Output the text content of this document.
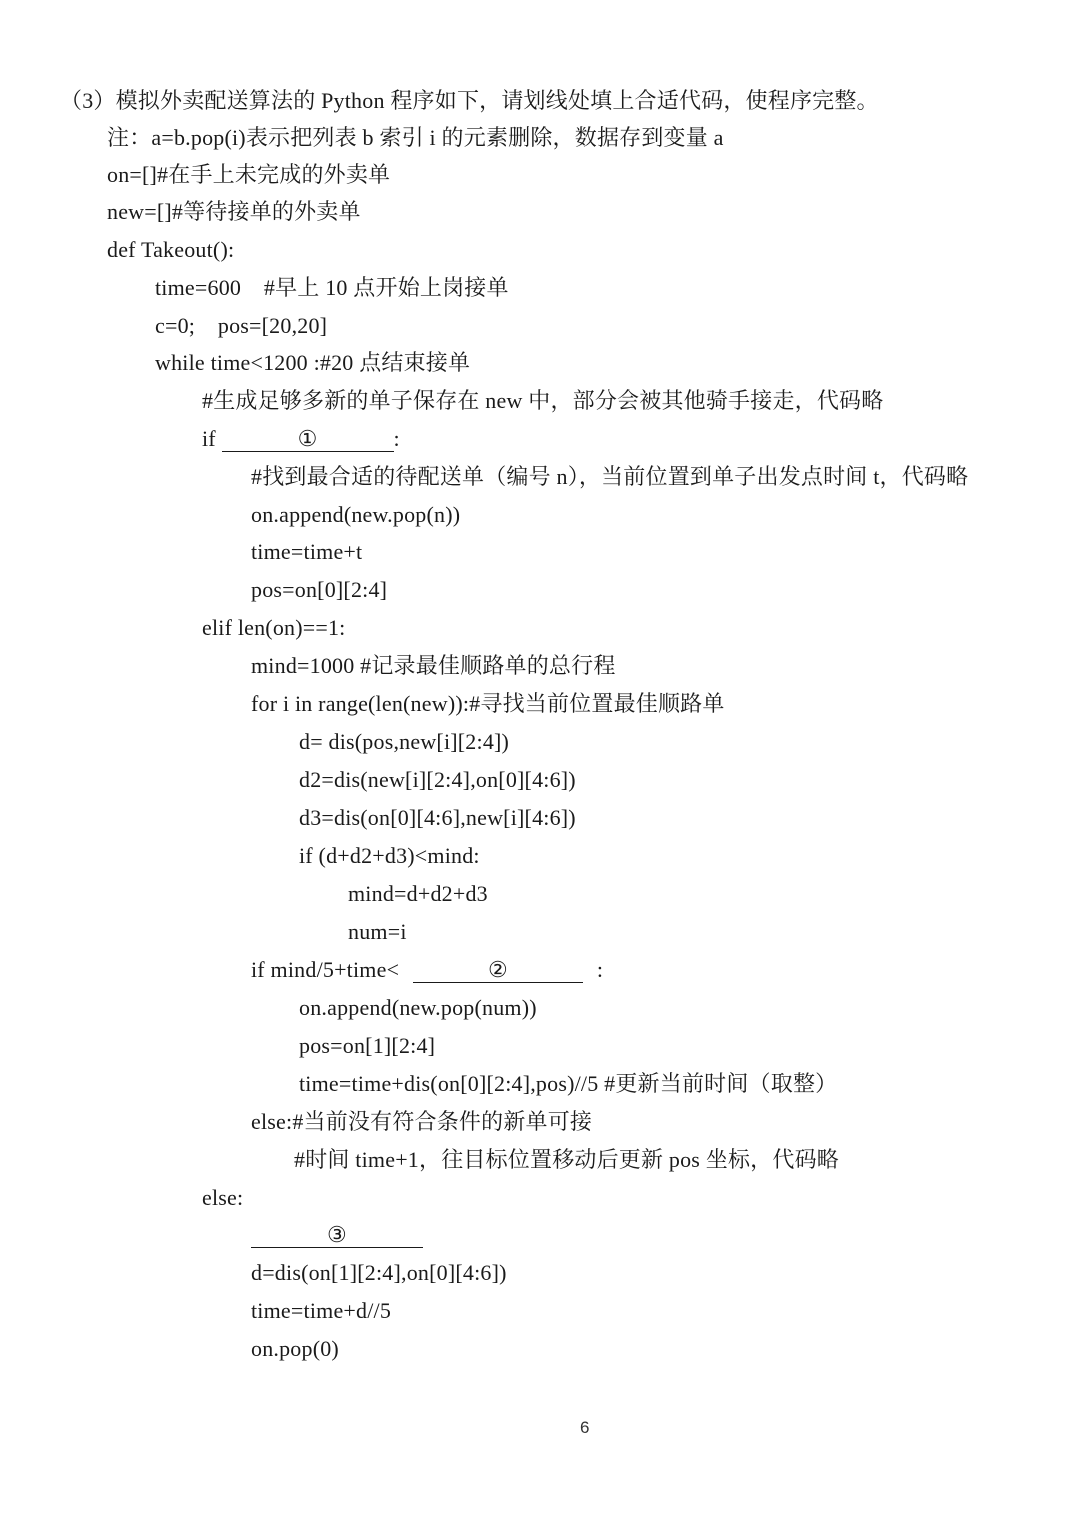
（3）模拟外卖配送算法的 Python 程序如下，请划线处填上合适代码，使程序完整。
注：a=b.pop(i)表示把列表 b 索引 i 的元素删除，数据存到变量 a
on=[]#在手上未完成的外卖单
new=[]#等待接单的外卖单
def Takeout():
time=600    #早上 10 点开始上岗接单
c=0;    pos=[20,20]
while time<1200 :#20 点结束接单
#生成足够多新的单子保存在 new 中，部分会被其他骑手接走，代码略
if	①	:
#找到最合适的待配送单（编号 n），当前位置到单子出发点时间 t，代码略
on.append(new.pop(n))
time=time+t
pos=on[0][2:4]
elif len(on)==1:
mind=1000 #记录最佳顺路单的总行程
for i in range(len(new)):#寻找当前位置最佳顺路单
d= dis(pos,new[i][2:4])
d2=dis(new[i][2:4],on[0][4:6])
d3=dis(on[0][4:6],new[i][4:6])
if (d+d2+d3)<mind:
mind=d+d2+d3
num=i
if mind/5+time<	②	:
on.append(new.pop(num))
pos=on[1][2:4]
time=time+dis(on[0][2:4],pos)//5 #更新当前时间（取整）
else:#当前没有符合条件的新单可接
#时间 time+1，往目标位置移动后更新 pos 坐标，代码略
else:
③
d=dis(on[1][2:4],on[0][4:6])
time=time+d//5
on.pop(0)
6
